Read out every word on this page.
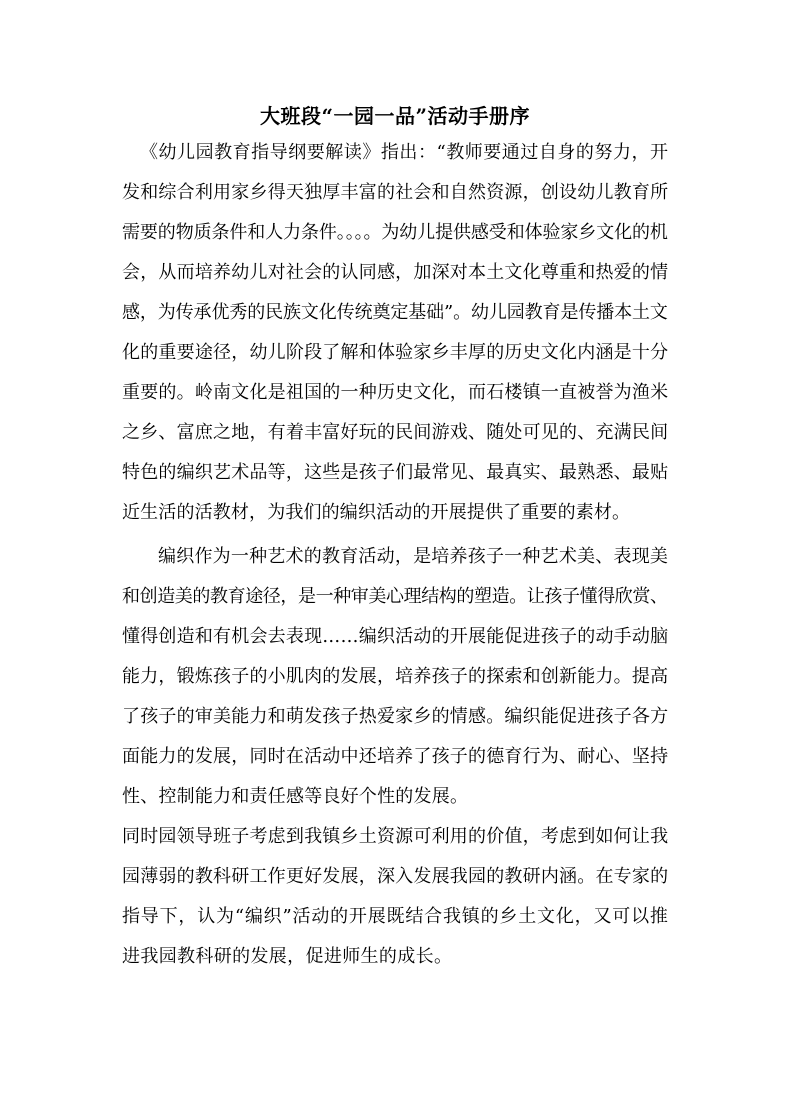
大班段“一园一品”活动手册序
《幼儿园教育指导纲要解读》指出：“教师要通过自身的努力，开
发和综合利用家乡得天独厚丰富的社会和自然资源，创设幼儿教育所
需要的物质条件和人力条件。。。。为幼儿提供感受和体验家乡文化的机
会，从而培养幼儿对社会的认同感，加深对本土文化尊重和热爱的情
感，为传承优秀的民族文化传统奠定基础”。幼儿园教育是传播本土文
化的重要途径，幼儿阶段了解和体验家乡丰厚的历史文化内涵是十分
重要的。岭南文化是祖国的一种历史文化，而石楼镇一直被誉为渔米
之乡、富庶之地，有着丰富好玩的民间游戏、随处可见的、充满民间
特色的编织艺术品等，这些是孩子们最常见、最真实、最熟悉、最贴
近生活的活教材，为我们的编织活动的开展提供了重要的素材。
编织作为一种艺术的教育活动，是培养孩子一种艺术美、表现美
和创造美的教育途径，是一种审美心理结构的塑造。让孩子懂得欣赏、
懂得创造和有机会去表现……编织活动的开展能促进孩子的动手动脑
能力，锻炼孩子的小肌肉的发展，培养孩子的探索和创新能力。提高
了孩子的审美能力和萌发孩子热爱家乡的情感。编织能促进孩子各方
面能力的发展，同时在活动中还培养了孩子的德育行为、耐心、坚持
性、控制能力和责任感等良好个性的发展。
同时园领导班子考虑到我镇乡土资源可利用的价值，考虑到如何让我
园薄弱的教科研工作更好发展，深入发展我园的教研内涵。在专家的
指导下，认为“编织”活动的开展既结合我镇的乡土文化，又可以推
进我园教科研的发展，促进师生的成长。
